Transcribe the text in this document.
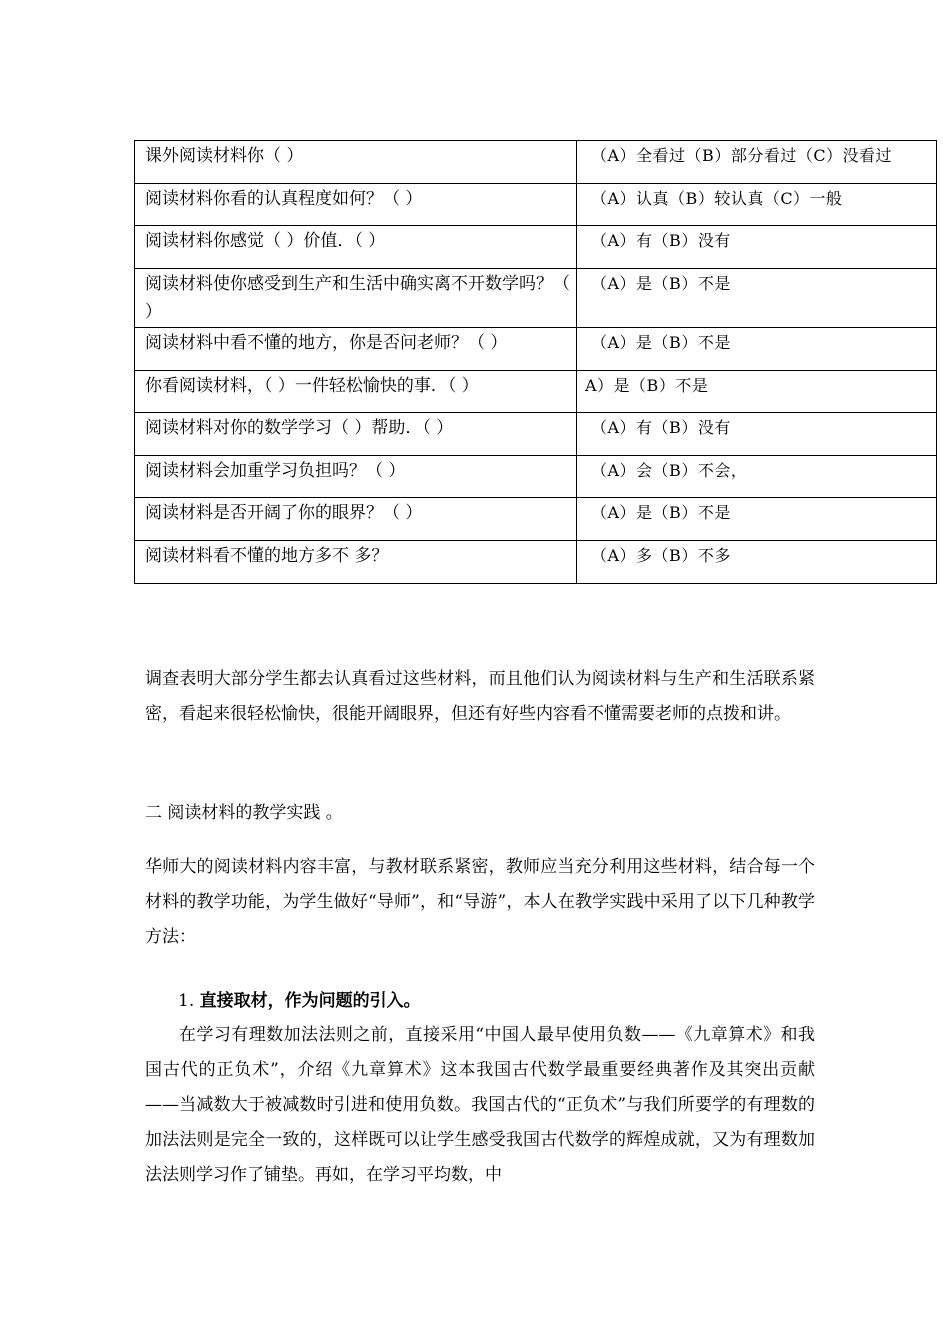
课外阅读材料你（ ）	（A）全看过（B）部分看过（C）没看过
阅读材料你看的认真程度如何？（ ）	（A）认真（B）较认真（C）一般
阅读材料你感觉（ ）价值．（ ）	（A）有（B）没有
阅读材料使你感受到生产和生活中确实离不开数学吗？（ ）	（A）是（B）不是
阅读材料中看不懂的地方，你是否问老师？（ ）	（A）是（B）不是
你看阅读材料，（ ）一件轻松愉快的事．（ ）	A）是（B）不是
阅读材料对你的数学学习（ ）帮助．（ ）	（A）有（B）没有
阅读材料会加重学习负担吗？（ ）	（A）会（B）不会，
阅读材料是否开阔了你的眼界？（ ）	（A）是（B）不是
阅读材料看不懂的地方多不 多？	（A）多（B）不多

调查表明大部分学生都去认真看过这些材料，而且他们认为阅读材料与生产和生活联系紧密，看起来很轻松愉快，很能开阔眼界，但还有好些内容看不懂需要老师的点拨和讲。

二 阅读材料的教学实践 。

华师大的阅读材料内容丰富，与教材联系紧密，教师应当充分利用这些材料，结合每一个材料的教学功能，为学生做好“导师”，和“导游”，本人在教学实践中采用了以下几种教学方法：

1. 直接取材，作为问题的引入。

在学习有理数加法法则之前，直接采用“中国人最早使用负数——《九章算术》和我国古代的正负术”，介绍《九章算术》这本我国古代数学最重要经典著作及其突出贡献——当减数大于被减数时引进和使用负数。我国古代的“正负术”与我们所要学的有理数的加法法则是完全一致的，这样既可以让学生感受我国古代数学的辉煌成就，又为有理数加法法则学习作了铺垫。再如，在学习平均数，中
